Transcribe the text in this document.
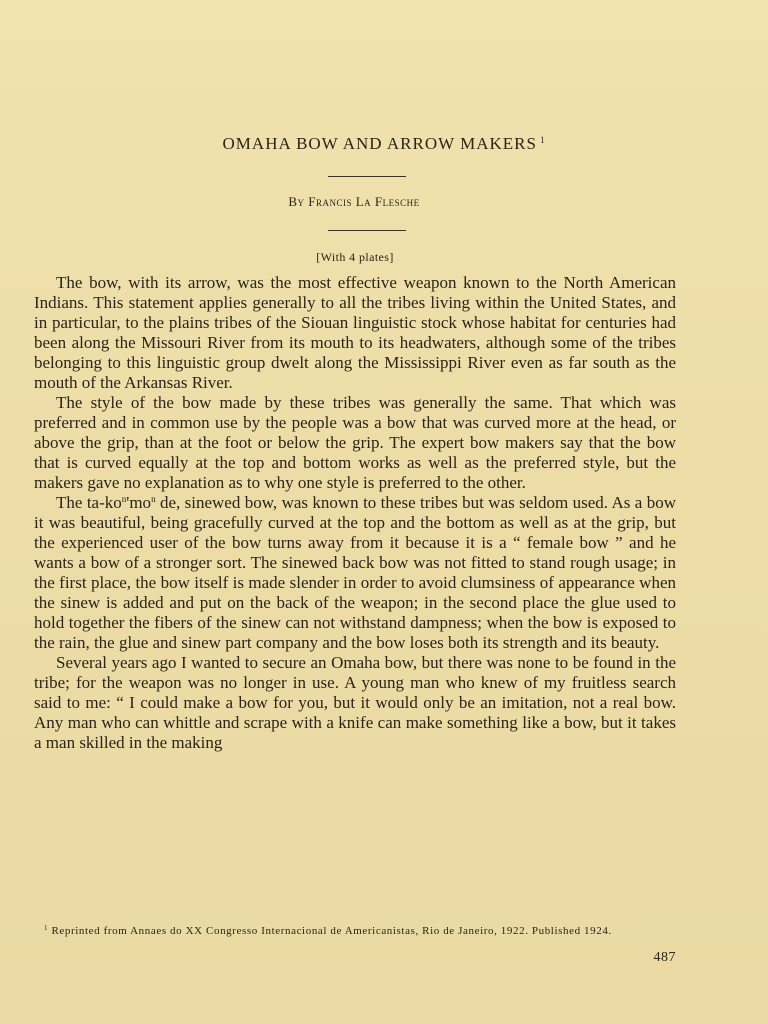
OMAHA BOW AND ARROW MAKERS $^1$
By Francis La Flesche
[With 4 plates]

The bow, with its arrow, was the most effective weapon known to the North American Indians. This statement applies generally to all the tribes living within the United States, and in particular, to the plains tribes of the Siouan linguistic stock whose habitat for centuries had been along the Missouri River from its mouth to its headwaters, although some of the tribes belonging to this linguistic group dwelt along the Mississippi River even as far south as the mouth of the Arkansas River.

The style of the bow made by these tribes was generally the same. That which was preferred and in common use by the people was a bow that was curved more at the head, or above the grip, than at the foot or below the grip. The expert bow makers say that the bow that is curved equally at the top and bottom works as well as the preferred style, but the makers gave no explanation as to why one style is preferred to the other.

The $ta-ko^n'mo^n$ de, sinewed bow, was known to these tribes but was seldom used. As a bow it was beautiful, being gracefully curved at the top and the bottom as well as at the grip, but the experienced user of the bow turns away from it because it is a “ female bow ” and he wants a bow of a stronger sort. The sinewed back bow was not fitted to stand rough usage; in the first place, the bow itself is made slender in order to avoid clumsiness of appearance when the sinew is added and put on the back of the weapon; in the second place the glue used to hold together the fibers of the sinew can not withstand dampness; when the bow is exposed to the rain, the glue and sinew part company and the bow loses both its strength and its beauty.

Several years ago I wanted to secure an Omaha bow, but there was none to be found in the tribe; for the weapon was no longer in use. A young man who knew of my fruitless search said to me: “ I could make a bow for you, but it would only be an imitation, not a real bow. Any man who can whittle and scrape with a knife can make something like a bow, but it takes a man skilled in the making

$^1$ Reprinted from Annaes do XX Congresso Internacional de Americanistas, Rio de Janeiro, 1922. Published 1924.
487
